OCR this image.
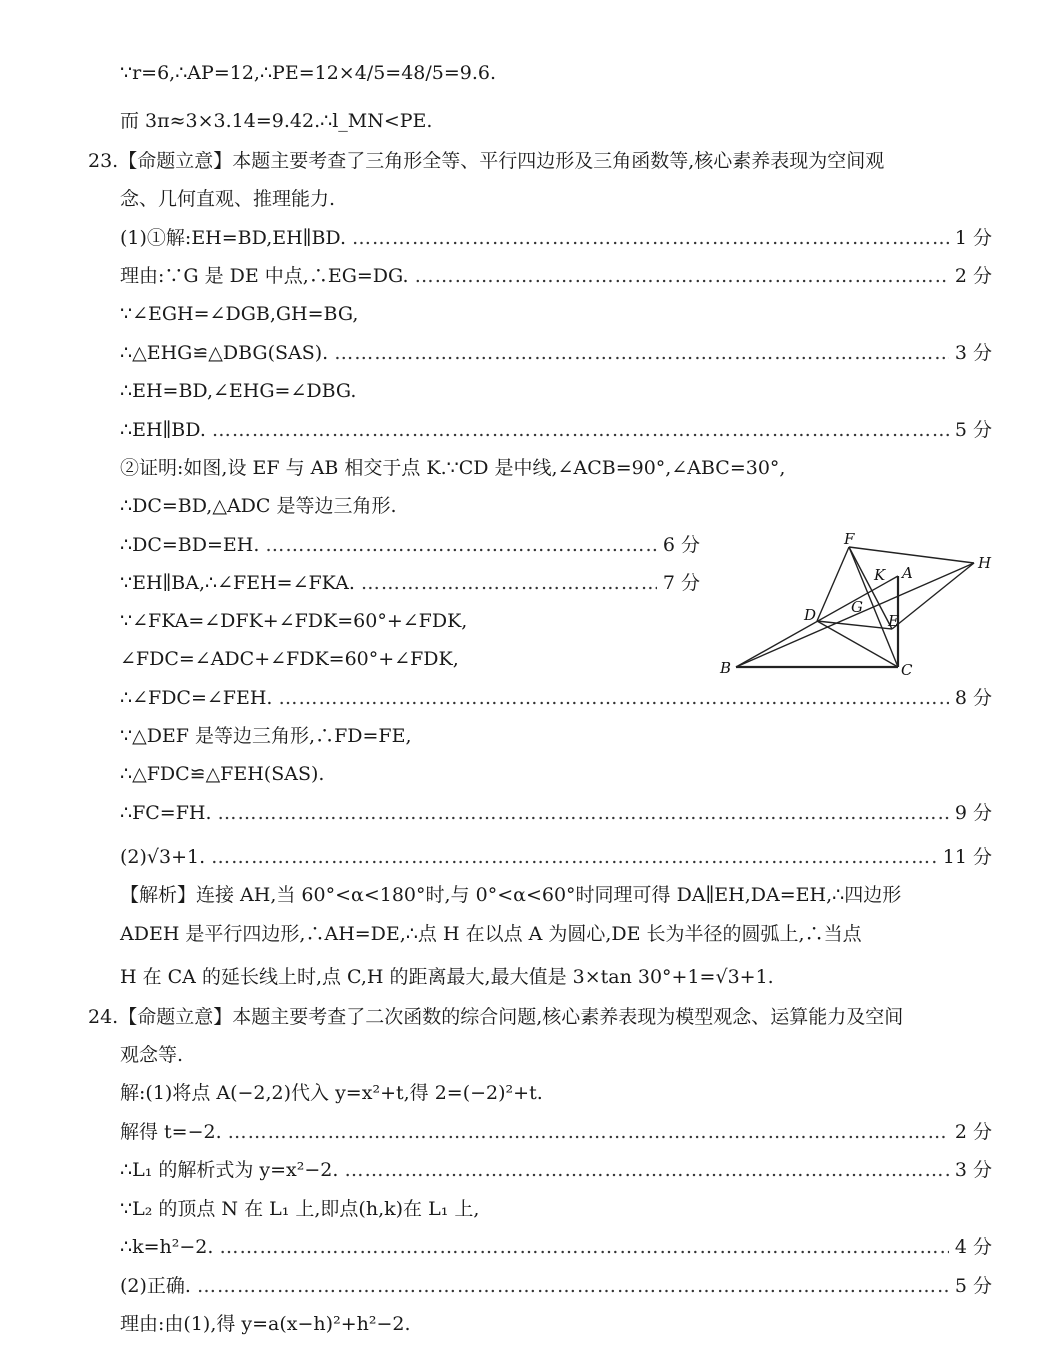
∵r=6,∴AP=12,∴PE=12×4/5=48/5=9.6.
而 3π≈3×3.14=9.42.∴l_MN<PE.
23. 【命题立意】本题主要考查了三角形全等、平行四边形及三角函数等,核心素养表现为空间观
念、几何直观、推理能力.
(1)①解:EH=BD,EH∥BD. …………………………………………………………………………………………………………………………………………………………………………………………………………………………………	1 分
理由:∵G 是 DE 中点,∴EG=DG. …………………………………………………………………………………………………………………………………………………………………………………………………………………………………	2 分
∵∠EGH=∠DGB,GH=BG,
∴△EHG≌△DBG(SAS). …………………………………………………………………………………………………………………………………………………………………………………………………………………………………	3 分
∴EH=BD,∠EHG=∠DBG.
∴EH∥BD. …………………………………………………………………………………………………………………………………………………………………………………………………………………………………	5 分
②证明:如图,设 EF 与 AB 相交于点 K.∵CD 是中线,∠ACB=90°,∠ABC=30°,
∴DC=BD,△ADC 是等边三角形.
∴DC=BD=EH. …………………………………………………………………………………………………………………………………………………………………………………………………………………………………	6 分
∵EH∥BA,∴∠FEH=∠FKA. …………………………………………………………………………………………………………………………………………………………………………………………………………………………………	7 分
∵∠FKA=∠DFK+∠FDK=60°+∠FDK,
∠FDC=∠ADC+∠FDK=60°+∠FDK,
∴∠FDC=∠FEH. …………………………………………………………………………………………………………………………………………………………………………………………………………………………………	8 分
∵△DEF 是等边三角形,∴FD=FE,
∴△FDC≌△FEH(SAS).
∴FC=FH. …………………………………………………………………………………………………………………………………………………………………………………………………………………………………	9 分
(2)√3+1. …………………………………………………………………………………………………………………………………………………………………………………………………………………………………	11 分
【解析】连接 AH,当 60°<α<180°时,与 0°<α<60°时同理可得 DA∥EH,DA=EH,∴四边形
ADEH 是平行四边形,∴AH=DE,∴点 H 在以点 A 为圆心,DE 长为半径的圆弧上,∴当点
H 在 CA 的延长线上时,点 C,H 的距离最大,最大值是 3×tan 30°+1=√3+1.
24. 【命题立意】本题主要考查了二次函数的综合问题,核心素养表现为模型观念、运算能力及空间
观念等.
解:(1)将点 A(−2,2)代入 y=x²+t,得 2=(−2)²+t.
解得 t=−2. …………………………………………………………………………………………………………………………………………………………………………………………………………………………………	2 分
∴L₁ 的解析式为 y=x²−2. …………………………………………………………………………………………………………………………………………………………………………………………………………………………………	3 分
∵L₂ 的顶点 N 在 L₁ 上,即点(h,k)在 L₁ 上,
∴k=h²−2. …………………………………………………………………………………………………………………………………………………………………………………………………………………………………	4 分
(2)正确. …………………………………………………………………………………………………………………………………………………………………………………………………………………………………	5 分
理由:由(1),得 y=a(x−h)²+h²−2.
F
H
K A
D G
E
B	C
